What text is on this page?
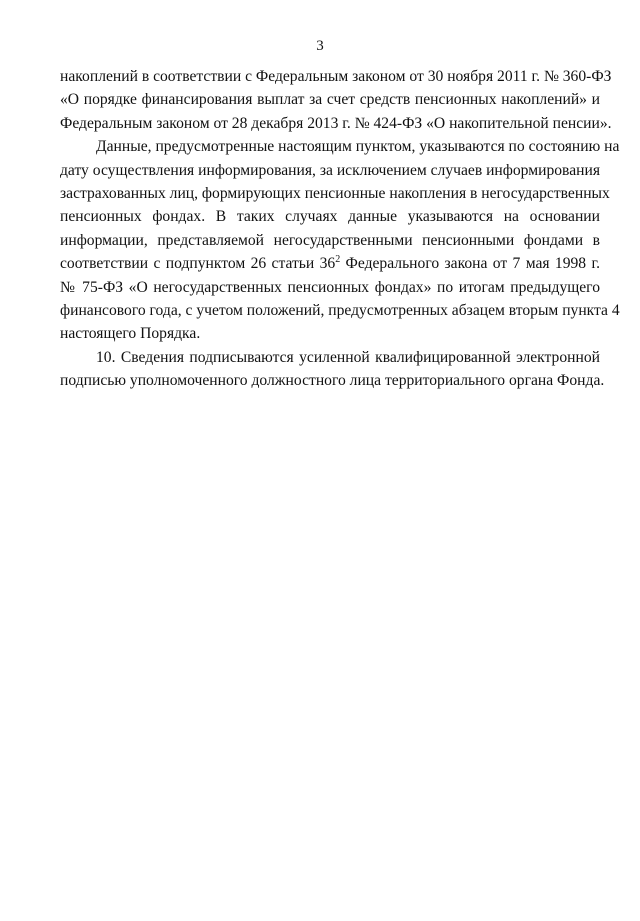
3

накоплений в соответствии с Федеральным законом от 30 ноября 2011 г. № 360-ФЗ
«О порядке финансирования выплат за счет средств пенсионных накоплений» и
Федеральным законом от 28 декабря 2013 г. № 424-ФЗ «О накопительной пенсии».

Данные, предусмотренные настоящим пунктом, указываются по состоянию на
дату осуществления информирования, за исключением случаев информирования
застрахованных лиц, формирующих пенсионные накопления в негосударственных
пенсионных фондах. В таких случаях данные указываются на основании
информации, представляемой негосударственными пенсионными фондами в
соответствии с подпунктом 26 статьи $36^2$ Федерального закона от 7 мая 1998 г.
№ 75-ФЗ «О негосударственных пенсионных фондах» по итогам предыдущего
финансового года, с учетом положений, предусмотренных абзацем вторым пункта 4
настоящего Порядка.

10. Сведения подписываются усиленной квалифицированной электронной
подписью уполномоченного должностного лица территориального органа Фонда.
